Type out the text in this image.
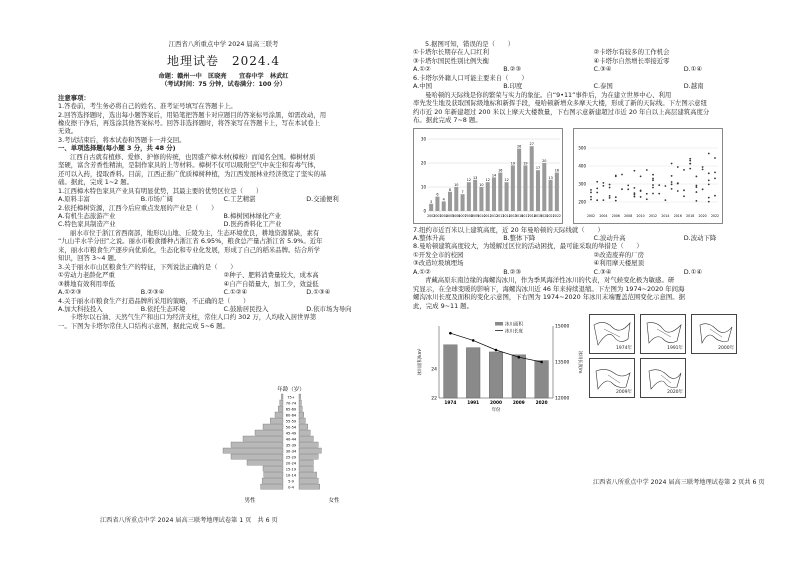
江西省八所重点中学 2024 届高三联考
地理试卷　2024.4
命题：赣州一中　匡晓亮　　宜春中学　林武红
（考试时间：75 分钟，试卷满分：100 分）

注意事项：

1.答卷前，考生务必将自己的姓名、准考证号填写在答题卡上。

2.回答选择题时，选出每小题答案后，用铅笔把答题卡对应题目的答案标号涂黑，如需改动，用

橡皮擦干净后，再选涂其他答案标号。回答非选择题时，将答案写在答题卡上，写在本试卷上

无效。

3.考试结束后，将本试卷和答题卡一并交回。

一、单项选择题(每小题 3 分，共 48 分)

江西自古就有植修、爱修、护修的传统，也因盛产樟木材(樟桉）而闻名全国。樟树材质

坚硬，富含芳香性精油，是制作家具的上等材料。樟树不仅可以吸附空气中灰尘和有毒气体，

还可以入药，提取香料。目前，江西正推广优质樟树种植，为江西发展林业经济奠定了坚实的基

础。据此，完成 1~2 题。

1.江西樟木特色家具产业具有明显优势，其最主要的优势区位是（　　）

A.原料丰富	B.市场广阔	C.工艺精湛	D.交通便利

2.依托樟树资源，江西今后应重点发展的产业是（　　）

A.有机生态旅游产业	B.樟树园林绿化产业
C.特色家具制造产业	D.医药香料化工产业

丽水市位于浙江省西南部，地形以山地、丘陵为主，生态环境优良，耕地资源紧缺，素有

“九山半水半分田”之说。丽水市粮食播种占浙江省 6.95%，粮食总产量占浙江省 5.9%。近年

来，丽水市粮食生产逐步向优质化，生态化和专业化发展，形成了自己的稻米品牌。结合所学

知识，回答 3~4 题。

3.关于丽水市山区粮食生产的特征，下列说法正确的是（　　）

①劳动力老龄化严重	②种子、肥料消费量较大，成本高
③耕地有效利用率低	④自产自销量大，加工少，效益低
A.①②③	B.②③④	C.①②④	D.①③④

4.关于丽水市粮食生产打造品牌所采用的策略，不正确的是（　　）

A.加大科技投入	B.依托生态环境	C.鼓励居民投入	D.依市场为导向

卡塔尔以石油、天然气生产和出口为经济支柱，常住人口约 302 万，人均收入居世界第

一。下图为卡塔尔常住人口结构示意图，据此完成 5~6 题。

年龄（岁）
75+
70-74
65-69
60-64
55-59
50-54
45-49
40-44
35-39
30-34
25-29
20-24
15-19
10-14
5-9
0-4
男性	女性
江西省八所重点中学 2024 届高三联考地理试卷第 1 页　共 6 页

5.据图可知，错误的是（　　）

①卡塔尔长期存在人口红利	②卡塔尔有较多的工作机会
③卡塔尔国民性别比例失衡	④卡塔尔自然增长率接近零
A.①②	B.②③	C.③④	D.①④

6.卡塔尔外籍人口可能主要来自（　　）

A.中国	B.印度	C.泰国	D.越南

曼哈顿的天际线是你的繁荣与实力的象征。自“9•11”事件后，为在建立世界中心、利用

率先发生地及获取国际级地标和新挥手段，曼哈顿新增众多摩天大楼，形成了新的天际线。下左图示意纽

约市近 20 年新建超过 200 米以上摩天大楼数量，下右图示意新建超过市近 20 年自以上高层建筑高度分

布。据此完成 7~8 题。

0
10
20
30
3
2002
6
2003
4
2004
8
2005
10
2006
7
2007
12
2008
13
2009
10
2010
12
2011
14
2012
16
2013
12
2014
19
2015
26
2016
19
2017
27
2018
17
2019
20
2020
13
2021
16
2022
200
300
400
500
2002 2004 2006 2008 2010 2012 2014 2016 2018 2020 2022

7.纽约市近百米以上建筑高度，近 20 年曼哈顿的天际线就（　　）

A.整体升高	B.整体下降	C.波动升高	D.波动下降

8.曼哈顿建筑高度较大，为缓解过区位的活动困扰，最可能采取的举措是（　　）

①开发全市的校园	②改造废弃的厂房
③改造垃圾填埋场	④利用摩天楼屋顶
A.①②	B.②③	C.③④	D.①④

青藏高原东南边缘的海螺沟冰川，作为季风海洋性冰川的代表，对气候变化极为敏感。研

究显示，在全球变暖的影响下，海螺沟冰川近 46 年来持续退缩。下左图为 1974~2020 年间海

螺沟冰川长度及面积的变化示意图，下右图为 1974~2020 年冰川末端覆盖范围变化示意图。据

此，完成 9~11 题。

22
24
12000
13500
15000
1974	1991	2000	2009	2020
冰川面积
冰川长度
冰川面积/km²	冰川长度/m
年份
1974年
	1991年
	2000年

2009年
	2020年
江西省八所重点中学 2024 届高三联考地理试卷第 2 页共 6 页
